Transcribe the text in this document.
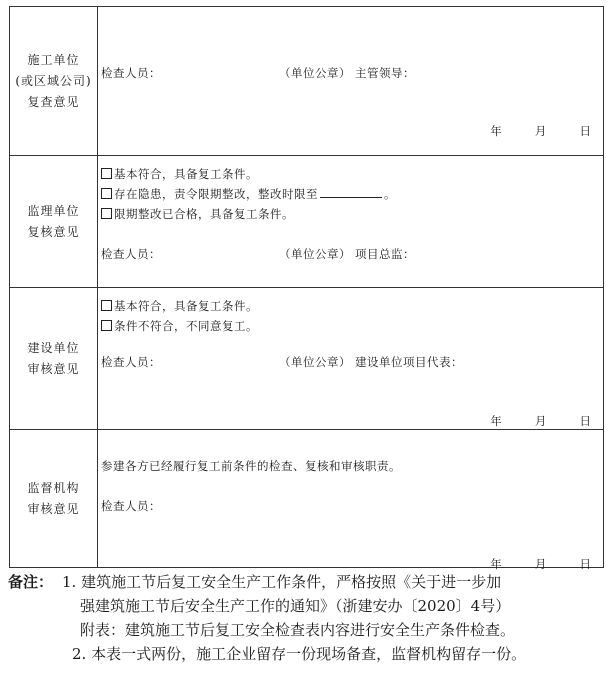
施工单位
(或区域公司)
复查意见
检查人员：	（单位公章） 主管领导：
年	月	日
监理单位
复核意见
基本符合，具备复工条件。
存在隐患，责令限期整改，整改时限至	。
限期整改已合格，具备复工条件。
检查人员：	（单位公章） 项目总监：
建设单位
审核意见
基本符合，具备复工条件。
条件不符合，不同意复工。
检查人员：	（单位公章） 建设单位项目代表：
年	月	日
监督机构
审核意见
参建各方已经履行复工前条件的检查、复核和审核职责。
检查人员：
年	月	日
备注： 1. 建筑施工节后复工安全生产工作条件，严格按照《关于进一步加
强建筑施工节后安全生产工作的通知》（浙建安办〔2020〕4号）
附表：建筑施工节后复工安全检查表内容进行安全生产条件检查。
2. 本表一式两份，施工企业留存一份现场备查，监督机构留存一份。
